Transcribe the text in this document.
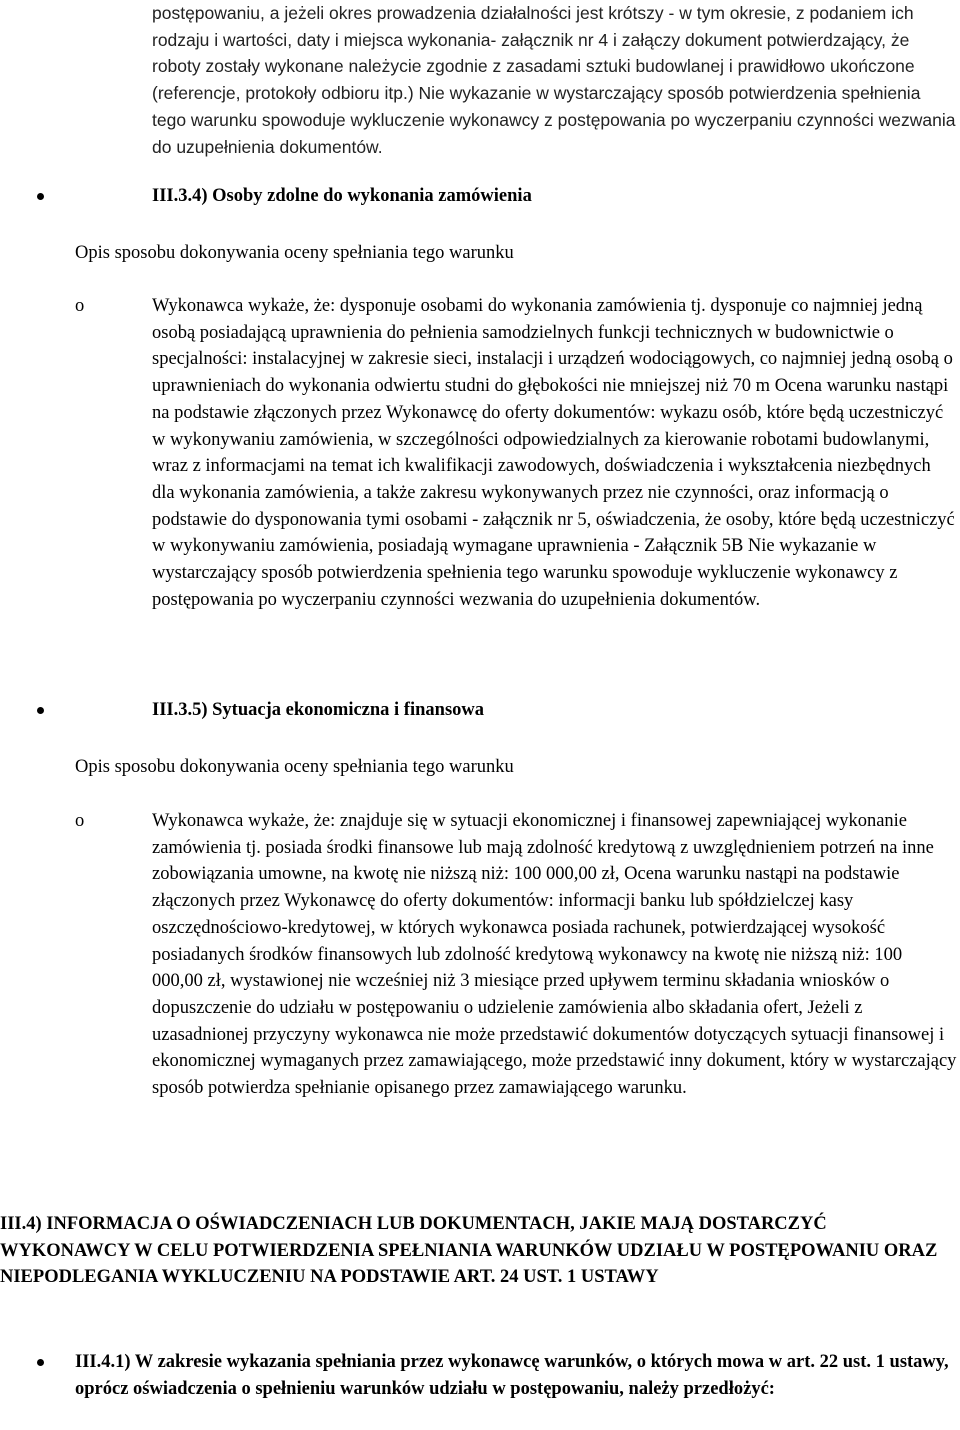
postępowaniu, a jeżeli okres prowadzenia działalności jest krótszy - w tym okresie, z podaniem ich rodzaju i wartości, daty i miejsca wykonania- załącznik nr 4 i załączy dokument potwierdzający, że roboty zostały wykonane należycie zgodnie z zasadami sztuki budowlanej i prawidłowo ukończone (referencje, protokoły odbioru itp.) Nie wykazanie w wystarczający sposób potwierdzenia spełnienia tego warunku spowoduje wykluczenie wykonawcy z postępowania po wyczerpaniu czynności wezwania do uzupełnienia dokumentów.

III.3.4) Osoby zdolne do wykonania zamówienia

Opis sposobu dokonywania oceny spełniania tego warunku

o Wykonawca wykaże, że: dysponuje osobami do wykonania zamówienia tj. dysponuje co najmniej jedną osobą posiadającą uprawnienia do pełnienia samodzielnych funkcji technicznych w budownictwie o specjalności: instalacyjnej w zakresie sieci, instalacji i urządzeń wodociągowych, co najmniej jedną osobą o uprawnieniach do wykonania odwiertu studni do głębokości nie mniejszej niż 70 m Ocena warunku nastąpi na podstawie złączonych przez Wykonawcę do oferty dokumentów: wykazu osób, które będą uczestniczyć w wykonywaniu zamówienia, w szczególności odpowiedzialnych za kierowanie robotami budowlanymi, wraz z informacjami na temat ich kwalifikacji zawodowych, doświadczenia i wykształcenia niezbędnych dla wykonania zamówienia, a także zakresu wykonywanych przez nie czynności, oraz informacją o podstawie do dysponowania tymi osobami - załącznik nr 5, oświadczenia, że osoby, które będą uczestniczyć w wykonywaniu zamówienia, posiadają wymagane uprawnienia - Załącznik 5B Nie wykazanie w wystarczający sposób potwierdzenia spełnienia tego warunku spowoduje wykluczenie wykonawcy z postępowania po wyczerpaniu czynności wezwania do uzupełnienia dokumentów.

III.3.5) Sytuacja ekonomiczna i finansowa

Opis sposobu dokonywania oceny spełniania tego warunku

o Wykonawca wykaże, że: znajduje się w sytuacji ekonomicznej i finansowej zapewniającej wykonanie zamówienia tj. posiada środki finansowe lub mają zdolność kredytową z uwzględnieniem potrzeń na inne zobowiązania umowne, na kwotę nie niższą niż: 100 000,00 zł, Ocena warunku nastąpi na podstawie złączonych przez Wykonawcę do oferty dokumentów: informacji banku lub spółdzielczej kasy oszczędnościowo-kredytowej, w których wykonawca posiada rachunek, potwierdzającej wysokość posiadanych środków finansowych lub zdolność kredytową wykonawcy na kwotę nie niższą niż: 100 000,00 zł, wystawionej nie wcześniej niż 3 miesiące przed upływem terminu składania wniosków o dopuszczenie do udziału w postępowaniu o udzielenie zamówienia albo składania ofert, Jeżeli z uzasadnionej przyczyny wykonawca nie może przedstawić dokumentów dotyczących sytuacji finansowej i ekonomicznej wymaganych przez zamawiającego, może przedstawić inny dokument, który w wystarczający sposób potwierdza spełnianie opisanego przez zamawiającego warunku.

III.4) INFORMACJA O OŚWIADCZENIACH LUB DOKUMENTACH, JAKIE MAJĄ DOSTARCZYĆ WYKONAWCY W CELU POTWIERDZENIA SPEŁNIANIA WARUNKÓW UDZIAŁU W POSTĘPOWANIU ORAZ NIEPODLEGANIA WYKLUCZENIU NA PODSTAWIE ART. 24 UST. 1 USTAWY

III.4.1) W zakresie wykazania spełniania przez wykonawcę warunków, o których mowa w art. 22 ust. 1 ustawy, oprócz oświadczenia o spełnieniu warunków udziału w postępowaniu, należy przedłożyć:
